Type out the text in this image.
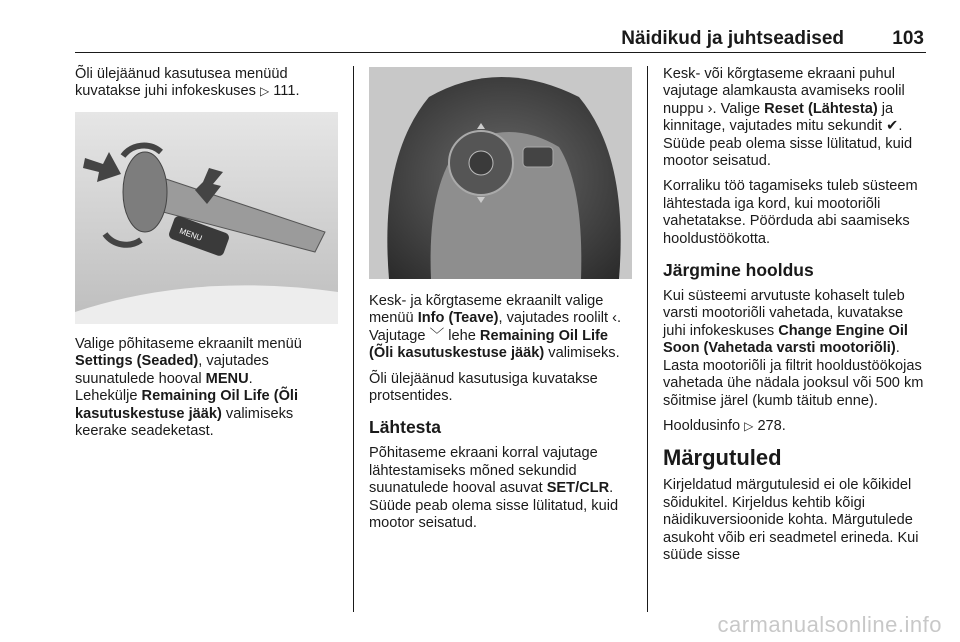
Näidikud ja juhtseadised	103

Õli ülejäänud kasutusea menüüd kuvatakse juhi infokeskuses ▷ 111.

MENU

Valige põhitaseme ekraanilt menüü Settings (Seaded), vajutades suunatulede hooval MENU.
Lehekülje Remaining Oil Life (Õli kasutuskestuse jääk) valimiseks keerake seadeketast.

Kesk- ja kõrgtaseme ekraanilt valige menüü Info (Teave), vajutades roolilt ‹. Vajutage ﹀ lehe Remaining Oil Life (Õli kasutuskestuse jääk) valimiseks.

Õli ülejäänud kasutusiga kuvatakse protsentides.

Lähtesta

Põhitaseme ekraani korral vajutage lähtestamiseks mõned sekundid suunatulede hooval asuvat SET/CLR. Süüde peab olema sisse lülitatud, kuid mootor seisatud.

Kesk- või kõrgtaseme ekraani puhul vajutage alamkausta avamiseks roolil nuppu ›. Valige Reset (Lähtesta) ja kinnitage, vajutades mitu sekundit ✔. Süüde peab olema sisse lülitatud, kuid mootor seisatud.

Korraliku töö tagamiseks tuleb süsteem lähtestada iga kord, kui mootoriõli vahetatakse. Pöörduda abi saamiseks hooldustöökotta.

Järgmine hooldus

Kui süsteemi arvutuste kohaselt tuleb varsti mootoriõli vahetada, kuvatakse juhi infokeskuses Change Engine Oil Soon (Vahetada varsti mootoriõli). Lasta mootoriõli ja filtrit hooldustöökojas vahetada ühe nädala jooksul või 500 km sõitmise järel (kumb täitub enne).

Hooldusinfo ▷ 278.

Märgutuled

Kirjeldatud märgutulesid ei ole kõikidel sõidukitel. Kirjeldus kehtib kõigi näidikuversioonide kohta. Märgutulede asukoht võib eri seadmetel erineda. Kui süüde sisse

carmanualsonline.info
